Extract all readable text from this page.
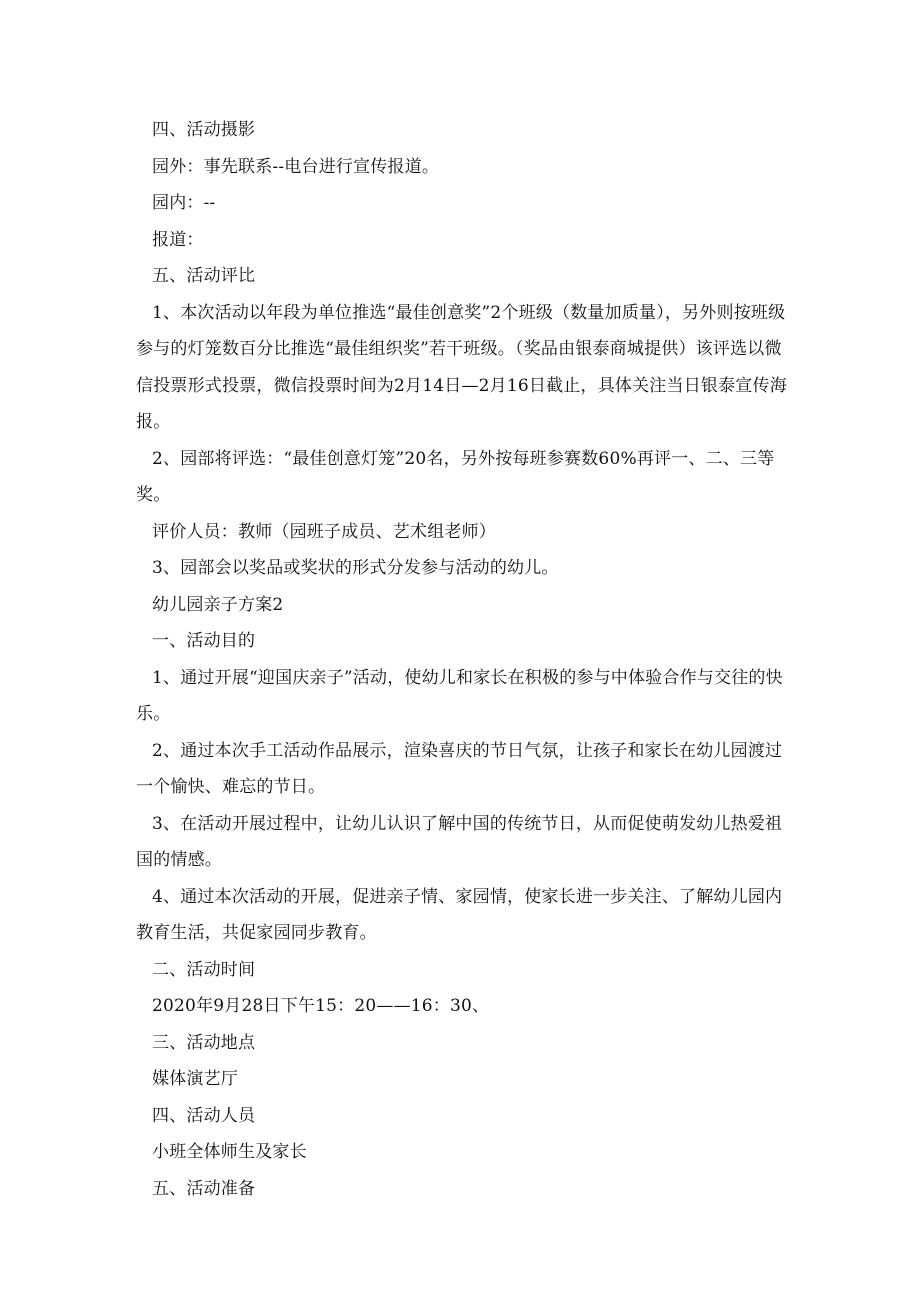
四、活动摄影

园外：事先联系--电台进行宣传报道。

园内：--

报道：

五、活动评比

1、本次活动以年段为单位推选“最佳创意奖”2个班级（数量加质量），另外则按班级参与的灯笼数百分比推选“最佳组织奖”若干班级。（奖品由银泰商城提供）该评选以微信投票形式投票，微信投票时间为2月14日—2月16日截止，具体关注当日银泰宣传海报。

2、园部将评选：“最佳创意灯笼”20名，另外按每班参赛数60%再评一、二、三等奖。

评价人员：教师（园班子成员、艺术组老师）

3、园部会以奖品或奖状的形式分发参与活动的幼儿。

幼儿园亲子方案2

一、活动目的

1、通过开展“迎国庆亲子”活动，使幼儿和家长在积极的参与中体验合作与交往的快乐。

2、通过本次手工活动作品展示，渲染喜庆的节日气氛，让孩子和家长在幼儿园渡过一个愉快、难忘的节日。

3、在活动开展过程中，让幼儿认识了解中国的传统节日，从而促使萌发幼儿热爱祖国的情感。

4、通过本次活动的开展，促进亲子情、家园情，使家长进一步关注、了解幼儿园内教育生活，共促家园同步教育。

二、活动时间

2020年9月28日下午15：20——16：30、

三、活动地点

媒体演艺厅

四、活动人员

小班全体师生及家长

五、活动准备
